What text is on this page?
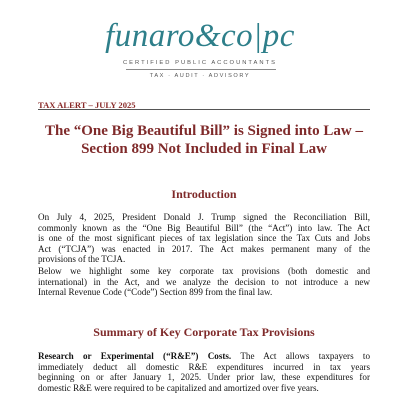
funaro&co|pc
CERTIFIED PUBLIC ACCOUNTANTS
TAX · AUDIT · ADVISORY
TAX ALERT – JULY 2025
The “One Big Beautiful Bill” is Signed into Law –
Section 899 Not Included in Final Law
Introduction
On July 4, 2025, President Donald J. Trump signed the Reconciliation Bill,
commonly known as the “One Big Beautiful Bill” (the “Act”) into law. The Act
is one of the most significant pieces of tax legislation since the Tax Cuts and Jobs
Act (“TCJA”) was enacted in 2017. The Act makes permanent many of the
provisions of the TCJA.
Below we highlight some key corporate tax provisions (both domestic and
international) in the Act, and we analyze the decision to not introduce a new
Internal Revenue Code (“Code”) Section 899 from the final law.
Summary of Key Corporate Tax Provisions
Research or Experimental (“R&E”) Costs. The Act allows taxpayers to
immediately deduct all domestic R&E expenditures incurred in tax years
beginning on or after January 1, 2025. Under prior law, these expenditures for
domestic R&E were required to be capitalized and amortized over five years.
